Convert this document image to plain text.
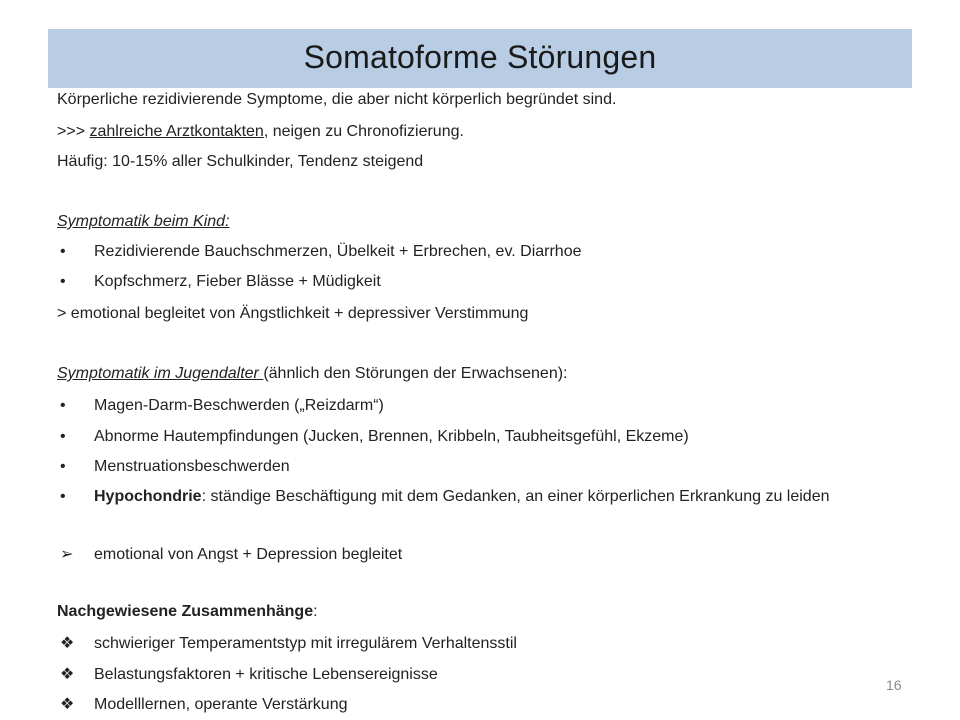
Somatoforme Störungen
Körperliche rezidivierende Symptome, die aber nicht körperlich begründet sind.
>>> zahlreiche Arztkontakten, neigen zu Chronofizierung.
Häufig: 10-15% aller Schulkinder, Tendenz steigend
Symptomatik beim Kind:
•	Rezidivierende Bauchschmerzen, Übelkeit + Erbrechen, ev. Diarrhoe
•	Kopfschmerz, Fieber Blässe + Müdigkeit
> emotional begleitet von Ängstlichkeit + depressiver Verstimmung
Symptomatik im Jugendalter (ähnlich den Störungen der Erwachsenen):
•	Magen-Darm-Beschwerden („Reizdarm“)
•	Abnorme Hautempfindungen (Jucken, Brennen, Kribbeln, Taubheitsgefühl, Ekzeme)
•	Menstruationsbeschwerden
•	Hypochondrie: ständige Beschäftigung mit dem Gedanken, an einer körperlichen Erkrankung zu leiden
➢	emotional von Angst + Depression begleitet
Nachgewiesene Zusammenhänge:
❖	schwieriger Temperamentstyp mit irregulärem Verhaltensstil
❖	Belastungsfaktoren + kritische Lebensereignisse
❖	Modelllernen, operante Verstärkung
16
